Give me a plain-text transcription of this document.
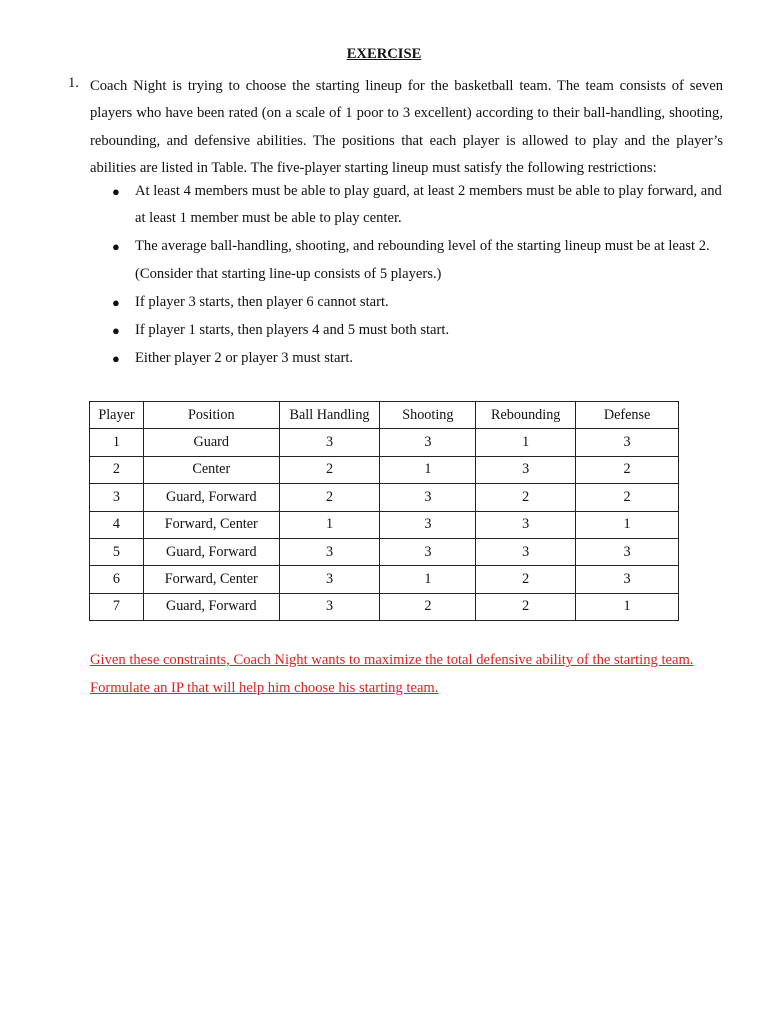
EXERCISE
1. Coach Night is trying to choose the starting lineup for the basketball team. The team consists of seven players who have been rated (on a scale of 1 poor to 3 excellent) according to their ball-handling, shooting, rebounding, and defensive abilities. The positions that each player is allowed to play and the player’s abilities are listed in Table. The five-player starting lineup must satisfy the following restrictions:
● At least 4 members must be able to play guard, at least 2 members must be able to play forward, and at least 1 member must be able to play center.
● The average ball-handling, shooting, and rebounding level of the starting lineup must be at least 2. (Consider that starting line-up consists of 5 players.)
● If player 3 starts, then player 6 cannot start.
● If player 1 starts, then players 4 and 5 must both start.
● Either player 2 or player 3 must start.
Player	Position	Ball Handling	Shooting	Rebounding	Defense
1	Guard	3	3	1	3
2	Center	2	1	3	2
3	Guard, Forward	2	3	2	2
4	Forward, Center	1	3	3	1
5	Guard, Forward	3	3	3	3
6	Forward, Center	3	1	2	3
7	Guard, Forward	3	2	2	1
Given these constraints, Coach Night wants to maximize the total defensive ability of the starting team. Formulate an IP that will help him choose his starting team.
